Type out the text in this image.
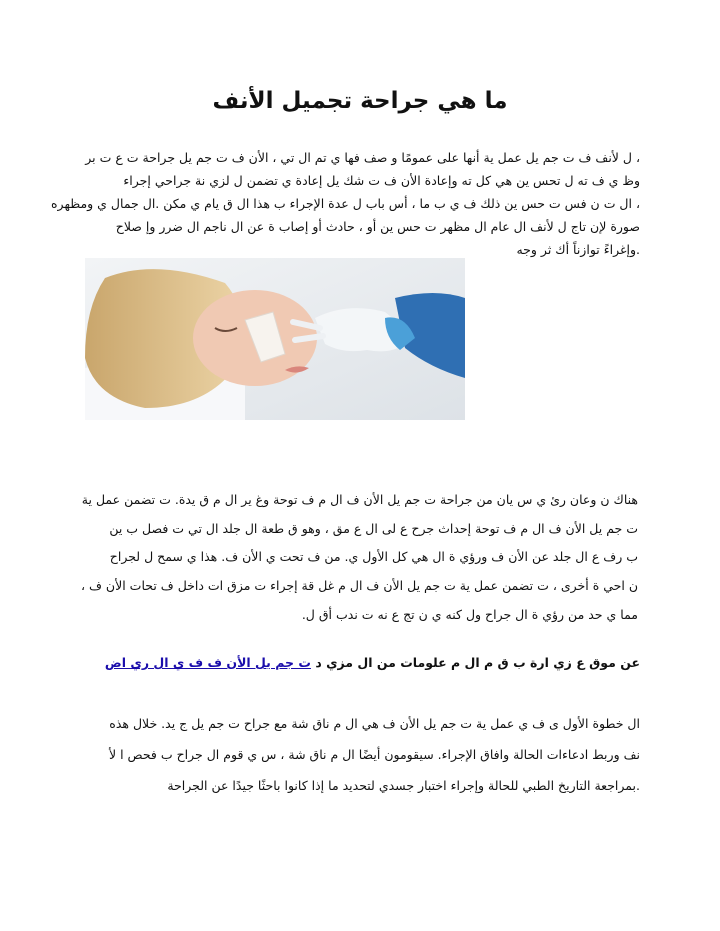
ما هي جراحة تجميل الأنف

، ل لأنف ف ت جم يل عمل ية أنها على عمومًا و صف فها ي تم ال تي ، الأن ف ت جم يل جراحة ت ع ت بر

وظ ي ف ته ل تحس ين هي كل ته وإعادة الأن ف ت شك يل إعادة ي تضمن ل لزي نة جراحي إجراء

، ال ت ن فس ت حس ين ذلك ف ي ب ما ، أس باب ل عدة الإجراء ب هذا ال ق يام ي مكن .ال جمال ي ومظهره

صورة لإن تاج ل لأنف ال عام ال مظهر ت حس ين أو ، حادث أو إصاب ة عن ال ناجم ال ضرر وإ صلاح

.وإغراءً توازناً أك ثر وجه

هناك ن وعان رئ ي س يان من جراحة ت جم يل الأن ف ال م ف توحة وغ ير ال م ق يدة. ت تضمن عمل ية

ت جم يل الأن ف ال م ف توحة إحداث جرح ع لى ال ع مق ، وهو ق طعة ال جلد ال تي ت فصل ب ين

ب رف ع ال جلد عن الأن ف ورؤي ة ال هي كل الأول ي. من ف تحت ي الأن ف. هذا ي سمح ل لجراح

ن احي ة أخرى ، ت تضمن عمل ية ت جم يل الأن ف ال م غل قة إجراء ت مزق ات داخل ف تحات الأن ف ،

مما ي حد من رؤي ة ال جراح ول كنه ي ن تج ع نه ت ندب أق ل.

عن موق ع زي ارة ب ق م ال م علومات من ال مزي د ت جم يل الأن ف ف ي ال ري اض

ال خطوة الأول ى ف ي عمل ية ت جم يل الأن ف هي ال م ناق شة مع جراح ت جم يل ج يد. خلال هذه

نف وربط ادعاءات الحالة وافاق الإجراء. سيقومون أيضًا ال م ناق شة ، س ي قوم ال جراح ب فحص ا لأ

.بمراجعة التاريخ الطبي للحالة وإجراء اختبار جسدي لتحديد ما إذا كانوا باحثًا جيدًا عن الجراحة
